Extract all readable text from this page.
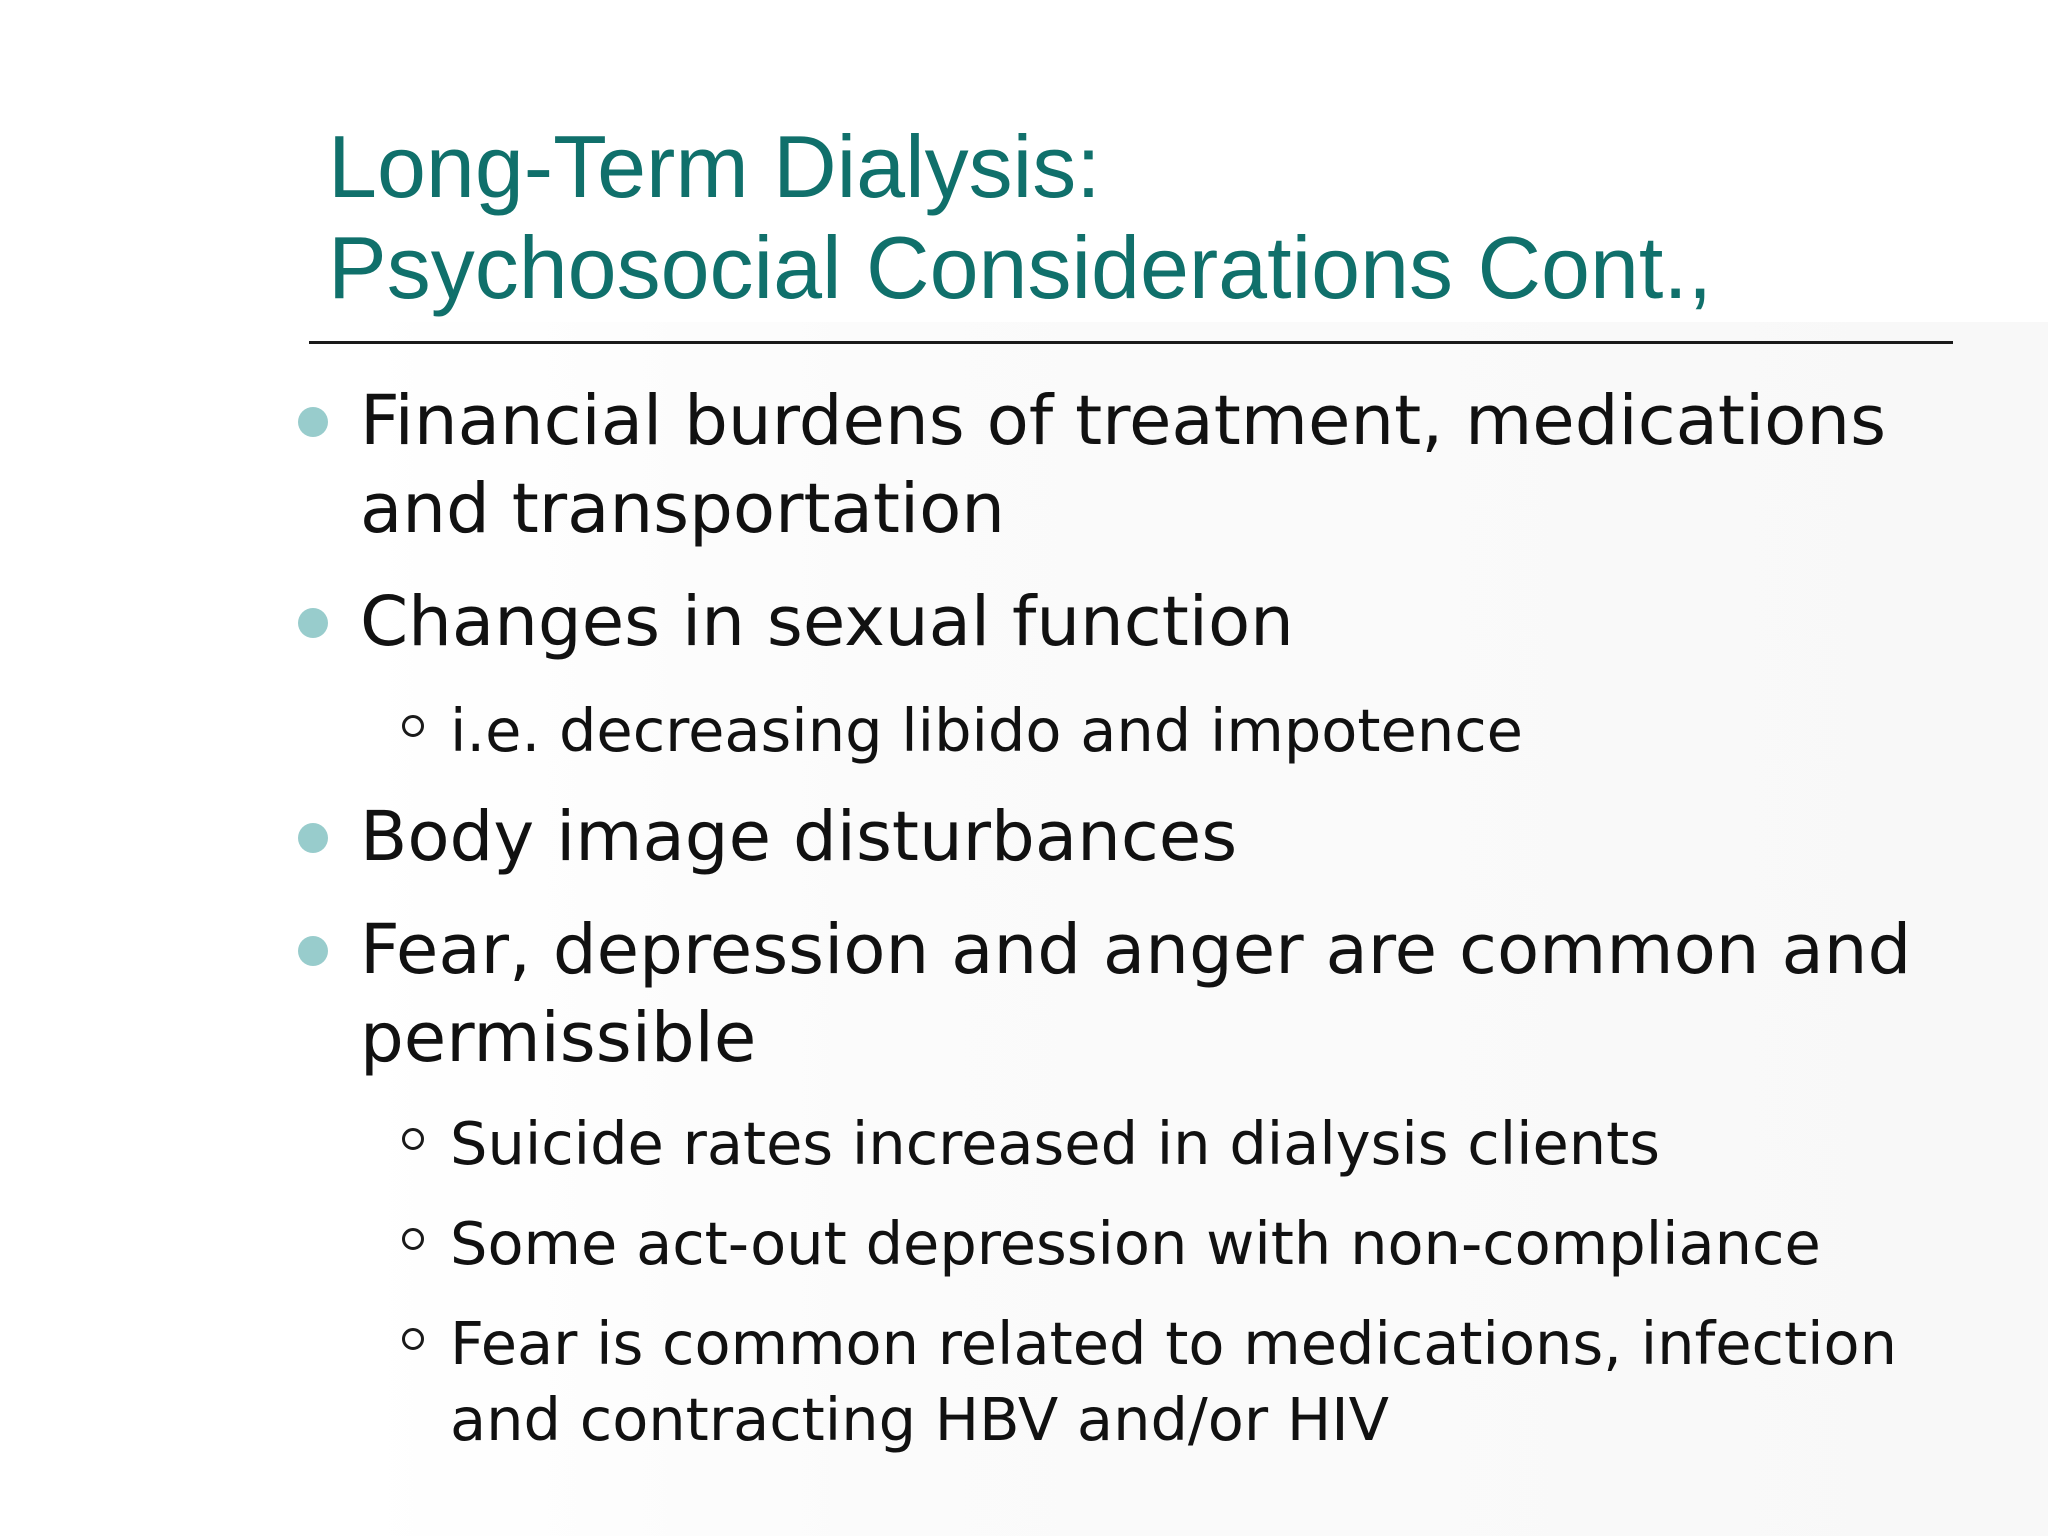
Long-Term Dialysis:
Psychosocial Considerations Cont.,
Financial burdens of treatment, medications
and transportation
Changes in sexual function
i.e. decreasing libido and impotence
Body image disturbances
Fear, depression and anger are common and
permissible
Suicide rates increased in dialysis clients
Some act-out depression with non-compliance
Fear is common related to medications, infection
and contracting HBV and/or HIV
